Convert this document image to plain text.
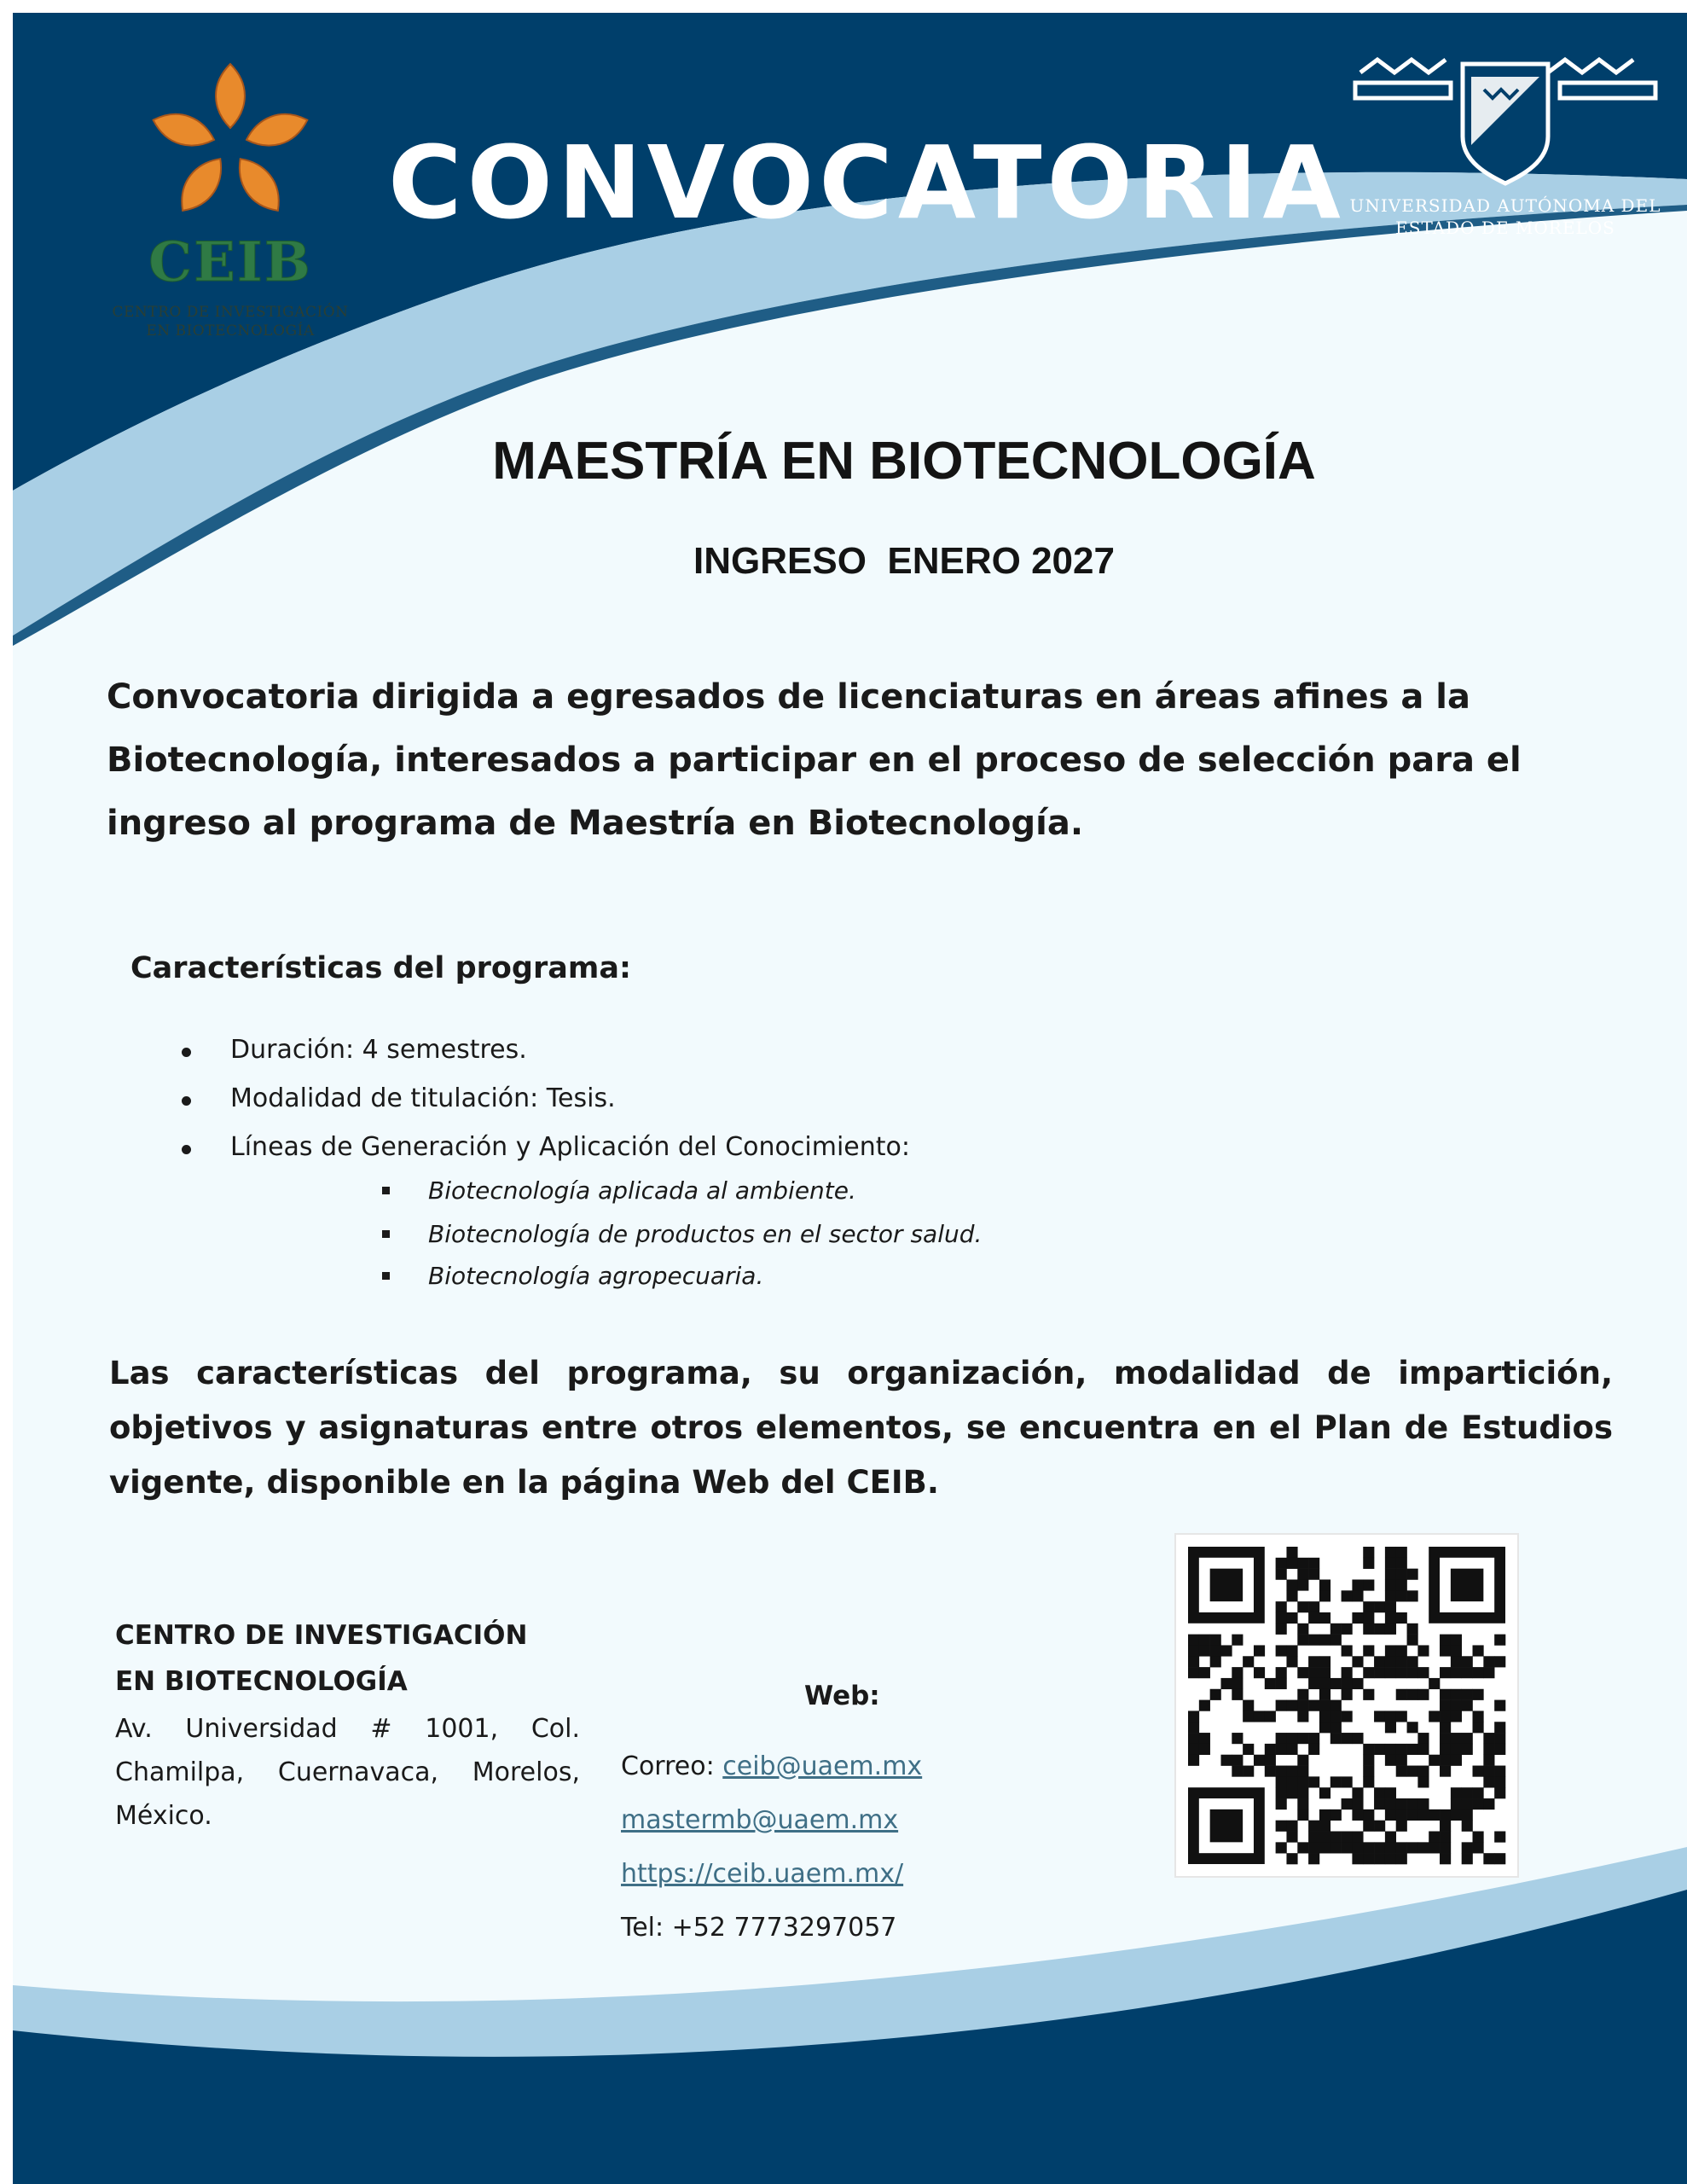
CEIB
CENTRO DE INVESTIGACIÓN
EN BIOTECNOLOGÍA
CONVOCATORIA UNIVERSIDAD AUTÓNOMA DEL
ESTADO DE MORELOS
MAESTRÍA EN BIOTECNOLOGÍA
INGRESO  ENERO 2027

Convocatoria dirigida a egresados de licenciaturas en áreas afines a la Biotecnología, interesados a participar en el proceso de selección para el ingreso al programa de Maestría en Biotecnología.

Características del programa:
Duración: 4 semestres.
Modalidad de titulación: Tesis.
Líneas de Generación y Aplicación del Conocimiento:
Biotecnología aplicada al ambiente.
Biotecnología de productos en el sector salud.
Biotecnología agropecuaria.

Las características del programa, su organización, modalidad de impartición, objetivos y asignaturas entre otros elementos, se encuentra en el Plan de Estudios vigente, disponible en la página Web del CEIB.

CENTRO DE INVESTIGACIÓN
EN BIOTECNOLOGÍA

Av. Universidad # 1001, Col. Chamilpa, Cuernavaca, Morelos, México.

Web:
Correo: ceib@uaem.mx
mastermb@uaem.mx
https://ceib.uaem.mx/
Tel: +52 7773297057
